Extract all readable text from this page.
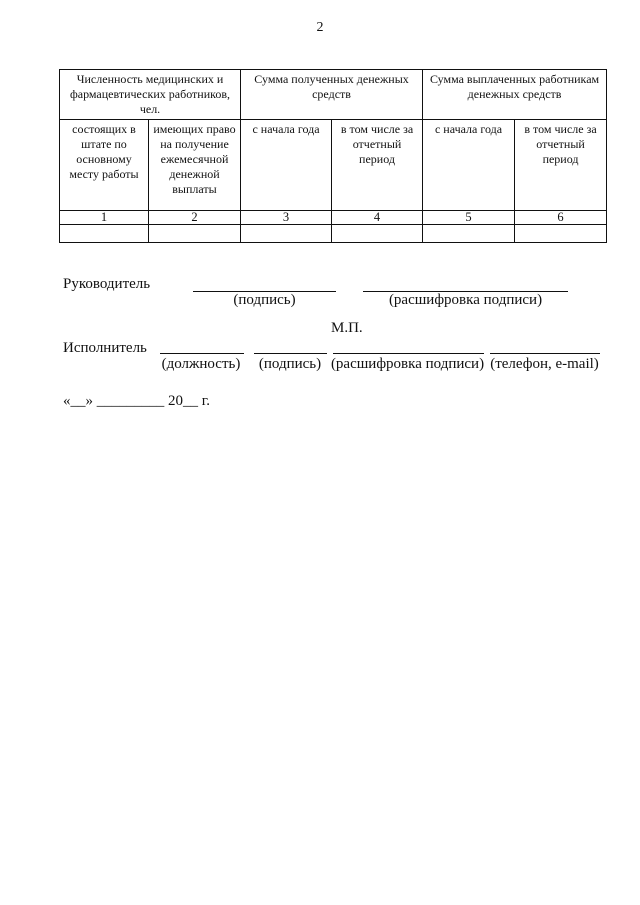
2
Численность медицинских и фармацевтических работников, чел.		Сумма полученных денежных средств		Сумма выплаченных работникам денежных средств	
состоящих в штате по основному месту работы	имеющих право на получение ежемесячной денежной выплаты	с начала года	в том числе за отчетный период	с начала года	в том числе за отчетный период
1	2	3	4	5	6

Руководитель
(подпись)	(расшифровка подписи)
М.П.
Исполнитель
(должность)	(подпись) (расшифровка подписи) (телефон, e-mail)
«__» _________ 20__ г.
